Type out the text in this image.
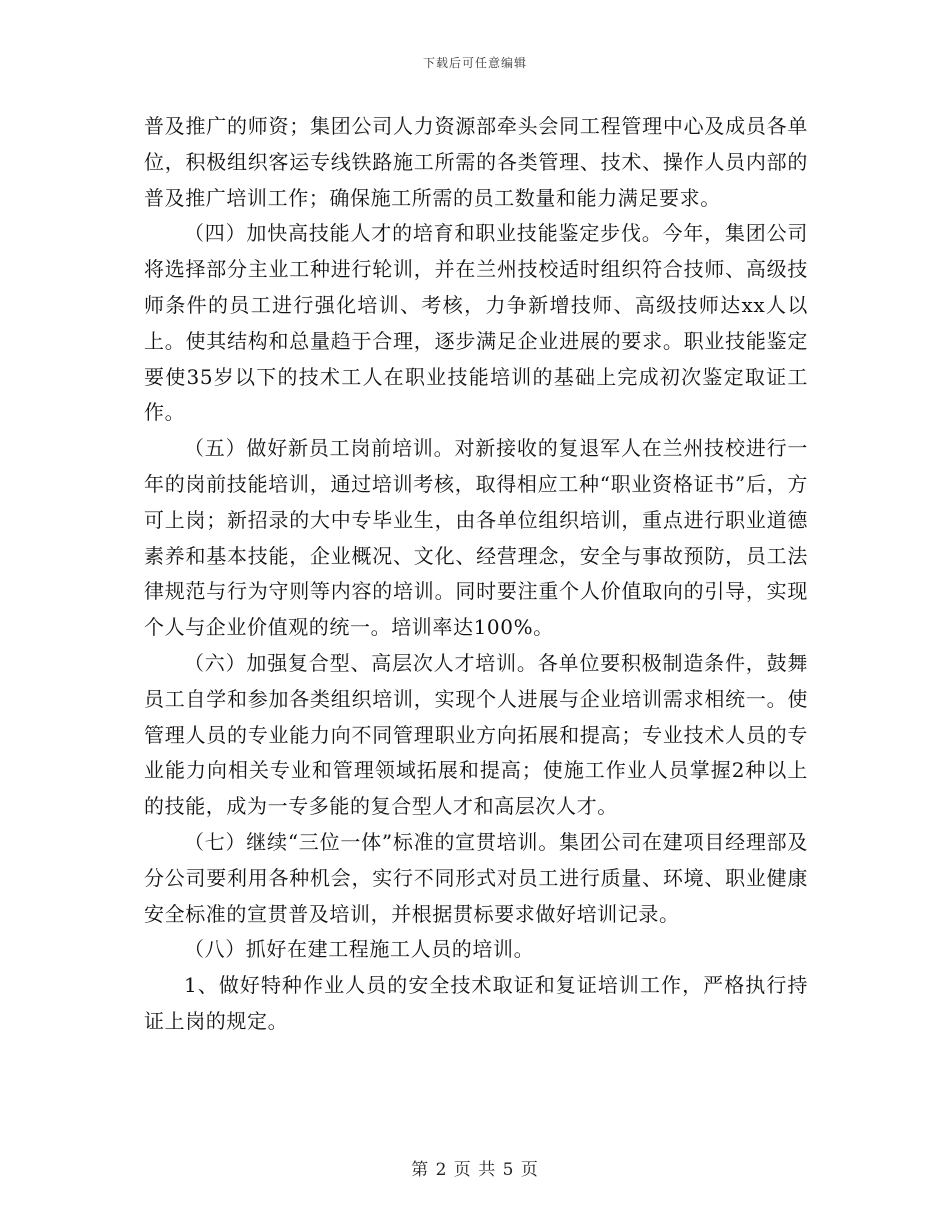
下载后可任意编辑

普及推广的师资；集团公司人力资源部牵头会同工程管理中心及成员各单位，积极组织客运专线铁路施工所需的各类管理、技术、操作人员内部的普及推广培训工作；确保施工所需的员工数量和能力满足要求。

（四）加快高技能人才的培育和职业技能鉴定步伐。今年，集团公司将选择部分主业工种进行轮训，并在兰州技校适时组织符合技师、高级技师条件的员工进行强化培训、考核，力争新增技师、高级技师达xx人以上。使其结构和总量趋于合理，逐步满足企业进展的要求。职业技能鉴定要使35岁以下的技术工人在职业技能培训的基础上完成初次鉴定取证工作。

（五）做好新员工岗前培训。对新接收的复退军人在兰州技校进行一年的岗前技能培训，通过培训考核，取得相应工种“职业资格证书”后，方可上岗；新招录的大中专毕业生，由各单位组织培训，重点进行职业道德素养和基本技能，企业概况、文化、经营理念，安全与事故预防，员工法律规范与行为守则等内容的培训。同时要注重个人价值取向的引导，实现个人与企业价值观的统一。培训率达100%。

（六）加强复合型、高层次人才培训。各单位要积极制造条件，鼓舞员工自学和参加各类组织培训，实现个人进展与企业培训需求相统一。使管理人员的专业能力向不同管理职业方向拓展和提高；专业技术人员的专业能力向相关专业和管理领域拓展和提高；使施工作业人员掌握2种以上的技能，成为一专多能的复合型人才和高层次人才。

（七）继续“三位一体”标准的宣贯培训。集团公司在建项目经理部及分公司要利用各种机会，实行不同形式对员工进行质量、环境、职业健康安全标准的宣贯普及培训，并根据贯标要求做好培训记录。

（八）抓好在建工程施工人员的培训。

1、做好特种作业人员的安全技术取证和复证培训工作，严格执行持证上岗的规定。

第 2 页 共 5 页
